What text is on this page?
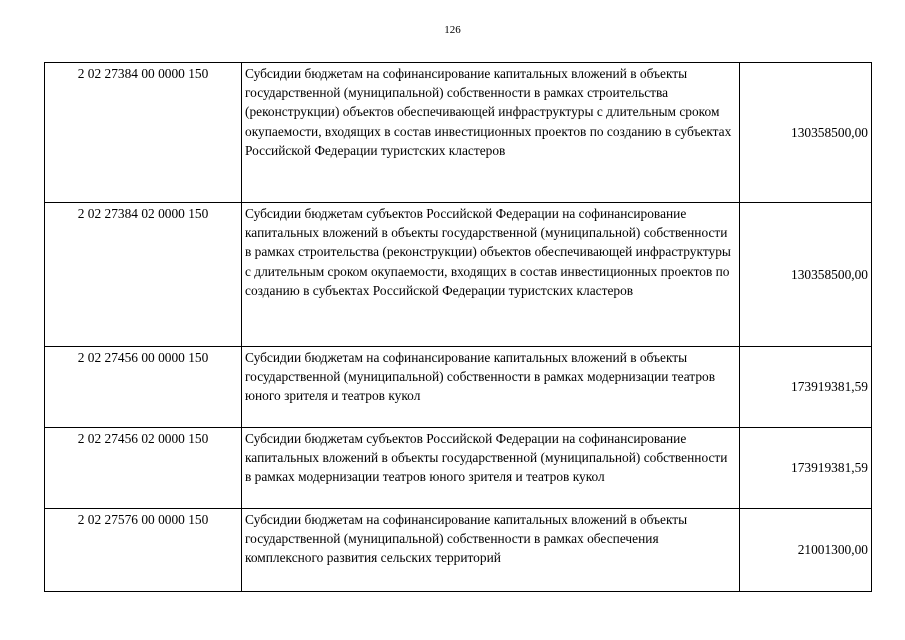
126
2 02 27384 00 0000 150	Субсидии бюджетам на софинансирование капитальных вложений в объекты государственной (муниципальной) собственности в рамках строительства (реконструкции) объектов обеспечивающей инфраструктуры с длительным сроком окупаемости, входящих в состав инвестиционных проектов по созданию в субъектах Российской Федерации туристских кластеров	130358500,00
2 02 27384 02 0000 150	Субсидии бюджетам субъектов Российской Федерации на софинансирование капитальных вложений в объекты государственной (муниципальной) собственности в рамках строительства (реконструкции) объектов обеспечивающей инфраструктуры с длительным сроком окупаемости, входящих в состав инвестиционных проектов по созданию в субъектах Российской Федерации туристских кластеров	130358500,00
2 02 27456 00 0000 150	Субсидии бюджетам на софинансирование капитальных вложений в объекты государственной (муниципальной) собственности в рамках модернизации театров юного зрителя и театров кукол	173919381,59
2 02 27456 02 0000 150	Субсидии бюджетам субъектов Российской Федерации на софинансирование капитальных вложений в объекты государственной (муниципальной) собственности в рамках модернизации театров юного зрителя и театров кукол	173919381,59
2 02 27576 00 0000 150	Субсидии бюджетам на софинансирование капитальных вложений в объекты государственной (муниципальной) собственности в рамках обеспечения комплексного развития сельских территорий	21001300,00
